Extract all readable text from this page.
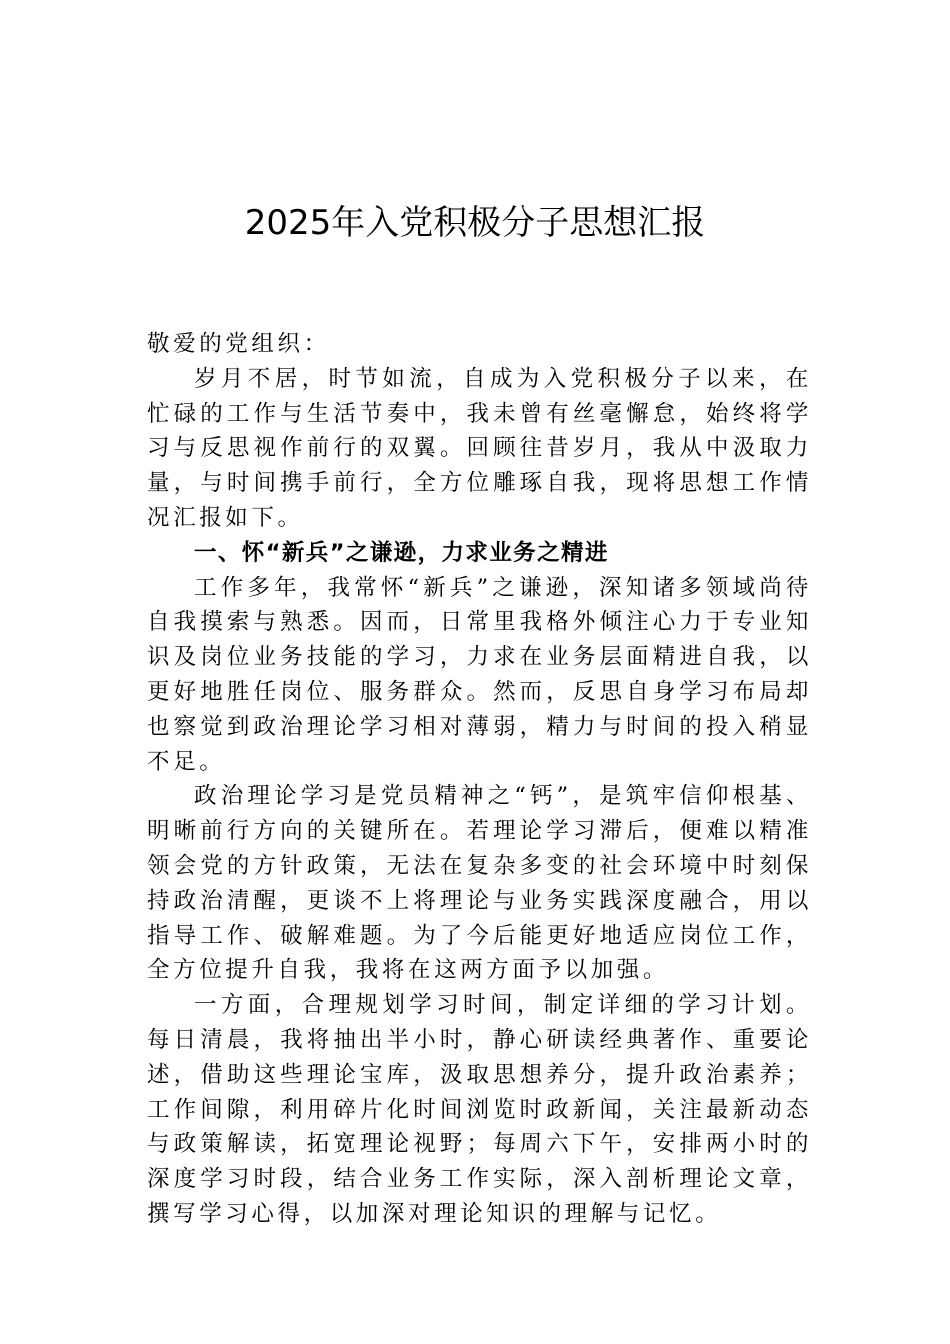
2025年入党积极分子思想汇报

敬爱的党组织：

岁月不居，时节如流，自成为入党积极分子以来，在忙碌的工作与生活节奏中，我未曾有丝毫懈怠，始终将学习与反思视作前行的双翼。回顾往昔岁月，我从中汲取力量，与时间携手前行，全方位雕琢自我，现将思想工作情况汇报如下。

一、怀“新兵”之谦逊，力求业务之精进

工作多年，我常怀“新兵”之谦逊，深知诸多领域尚待自我摸索与熟悉。因而，日常里我格外倾注心力于专业知识及岗位业务技能的学习，力求在业务层面精进自我，以更好地胜任岗位、服务群众。然而，反思自身学习布局却也察觉到政治理论学习相对薄弱，精力与时间的投入稍显不足。

政治理论学习是党员精神之“钙”，是筑牢信仰根基、明晰前行方向的关键所在。若理论学习滞后，便难以精准领会党的方针政策，无法在复杂多变的社会环境中时刻保持政治清醒，更谈不上将理论与业务实践深度融合，用以指导工作、破解难题。为了今后能更好地适应岗位工作，全方位提升自我，我将在这两方面予以加强。

一方面，合理规划学习时间，制定详细的学习计划。每日清晨，我将抽出半小时，静心研读经典著作、重要论述，借助这些理论宝库，汲取思想养分，提升政治素养；工作间隙，利用碎片化时间浏览时政新闻，关注最新动态与政策解读，拓宽理论视野；每周六下午，安排两小时的深度学习时段，结合业务工作实际，深入剖析理论文章，撰写学习心得，以加深对理论知识的理解与记忆。
